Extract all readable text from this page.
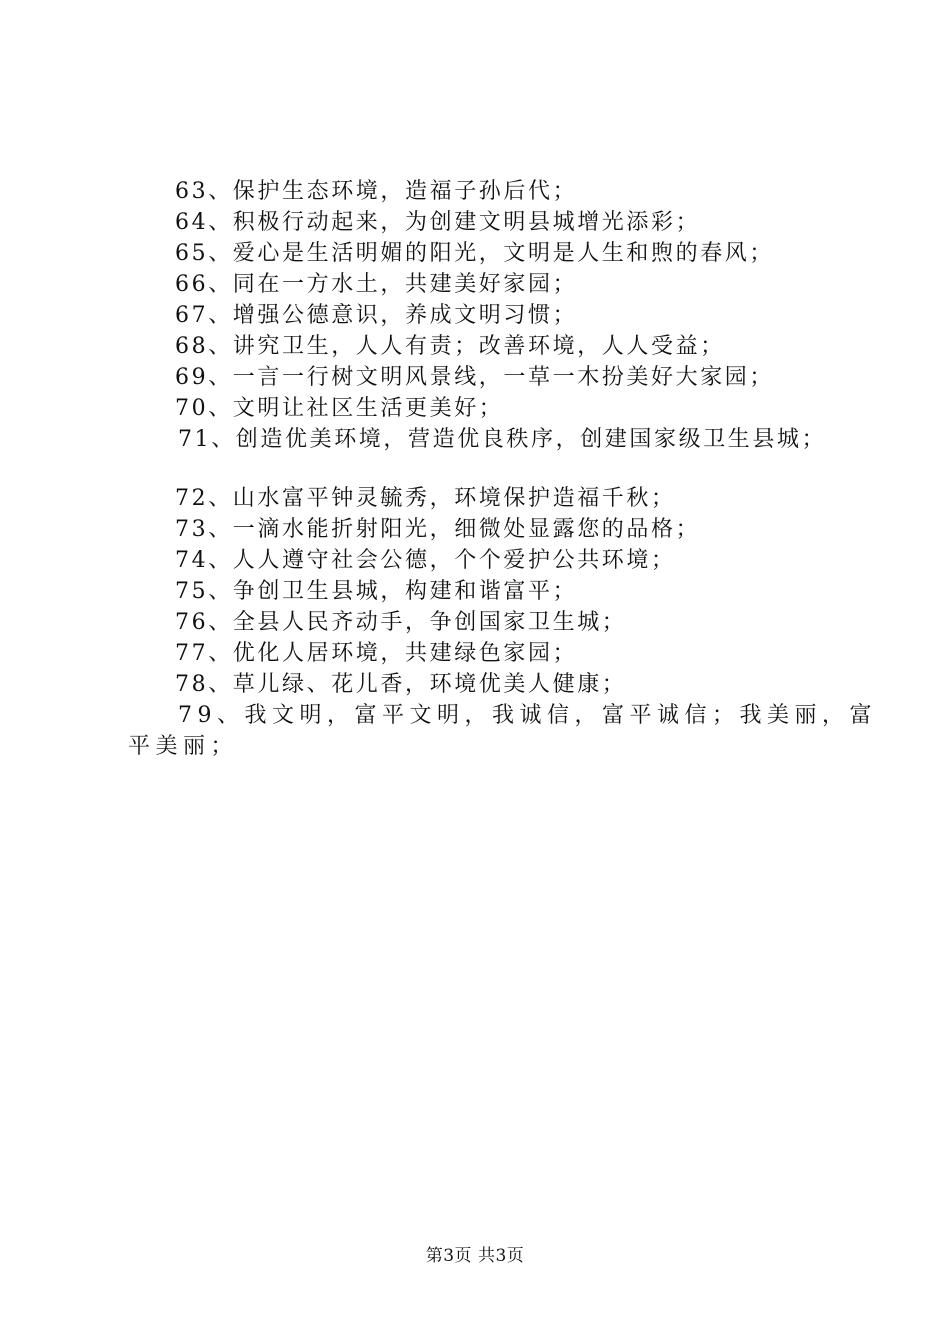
63、保护生态环境，造福子孙后代；
64、积极行动起来，为创建文明县城增光添彩；
65、爱心是生活明媚的阳光，文明是人生和煦的春风；
66、同在一方水土，共建美好家园；
67、增强公德意识，养成文明习惯；
68、讲究卫生，人人有责；改善环境，人人受益；
69、一言一行树文明风景线，一草一木扮美好大家园；
70、文明让社区生活更美好；
71、创造优美环境，营造优良秩序，创建国家级卫生县城；
72、山水富平钟灵毓秀，环境保护造福千秋；
73、一滴水能折射阳光，细微处显露您的品格；
74、人人遵守社会公德，个个爱护公共环境；
75、争创卫生县城，构建和谐富平；
76、全县人民齐动手，争创国家卫生城；
77、优化人居环境，共建绿色家园；
78、草儿绿、花儿香，环境优美人健康；
79、我文明，富平文明，我诚信，富平诚信；我美丽，富
平美丽；
第3页 共3页
